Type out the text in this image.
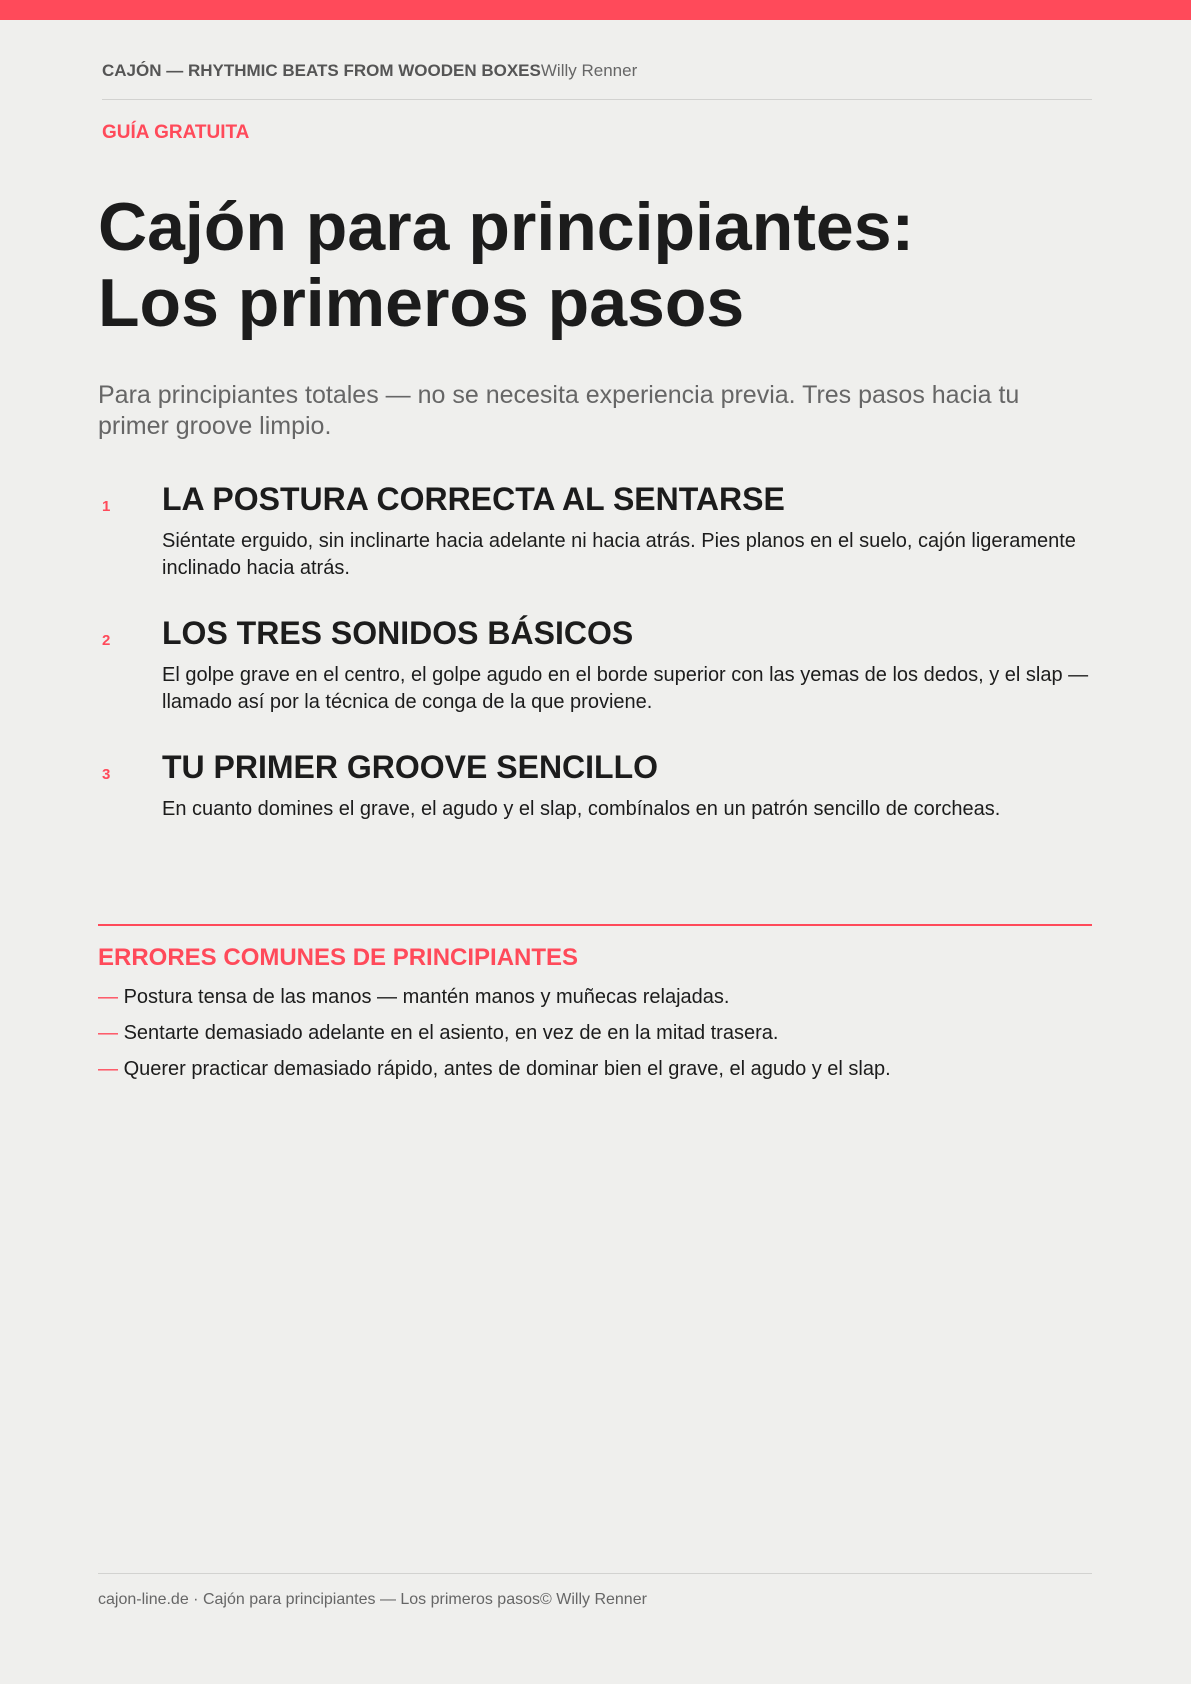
CAJÓN — RHYTHMIC BEATS FROM WOODEN BOXESWilly Renner
GUÍA GRATUITA
Cajón para principiantes:
Los primeros pasos

Para principiantes totales — no se necesita experiencia previa. Tres pasos hacia tu primer groove limpio.

1 LA POSTURA CORRECTA AL SENTARSE

Siéntate erguido, sin inclinarte hacia adelante ni hacia atrás. Pies planos en el suelo, cajón ligeramente inclinado hacia atrás.

2 LOS TRES SONIDOS BÁSICOS

El golpe grave en el centro, el golpe agudo en el borde superior con las yemas de los dedos, y el slap — llamado así por la técnica de conga de la que proviene.

3 TU PRIMER GROOVE SENCILLO

En cuanto domines el grave, el agudo y el slap, combínalos en un patrón sencillo de corcheas.

ERRORES COMUNES DE PRINCIPIANTES
— Postura tensa de las manos — mantén manos y muñecas relajadas.
— Sentarte demasiado adelante en el asiento, en vez de en la mitad trasera.
— Querer practicar demasiado rápido, antes de dominar bien el grave, el agudo y el slap.
cajon-line.de · Cajón para principiantes — Los primeros pasos© Willy Renner
